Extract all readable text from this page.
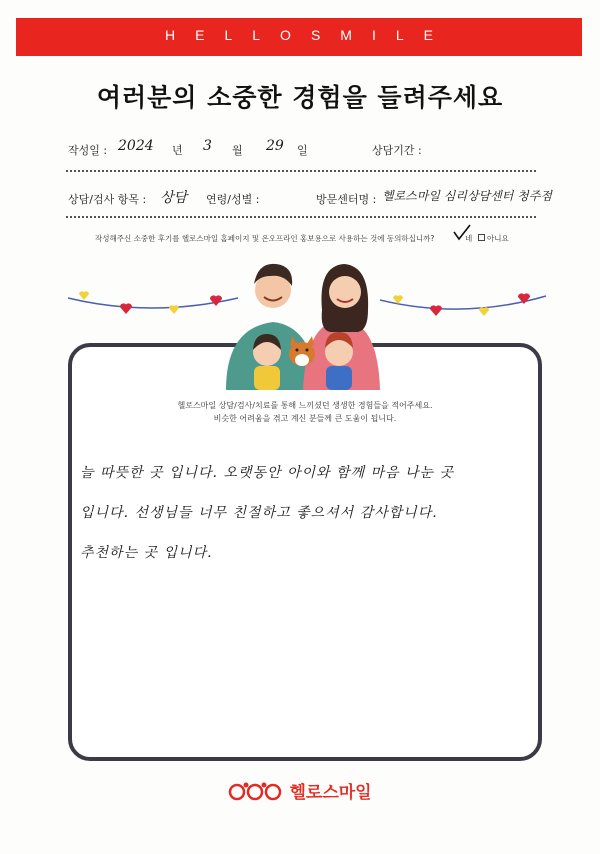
HELLOSMILE
여러분의 소중한 경험을 들려주세요
작성일 : 2024 년 3 월 29 일	상담기간 :
상담/검사 항목 : 상담 연령/성별 :	방문센터명 : 헬로스마일 심리상담센터 청주점
작성해주신 소중한 후기를 헬로스마일 홈페이지 및 온오프라인 홍보용으로 사용하는 것에 동의하십니까?	네 아니요
헬로스마일 상담/검사/치료를 통해 느끼셨던 생생한 경험들을 적어주세요.
비슷한 어려움을 겪고 계신 분들께 큰 도움이 됩니다.
늘 따뜻한 곳 입니다. 오랫동안 아이와 함께 마음 나눈 곳
입니다. 선생님들 너무 친절하고 좋으셔서 감사합니다.
추천하는 곳 입니다.
헬로스마일
